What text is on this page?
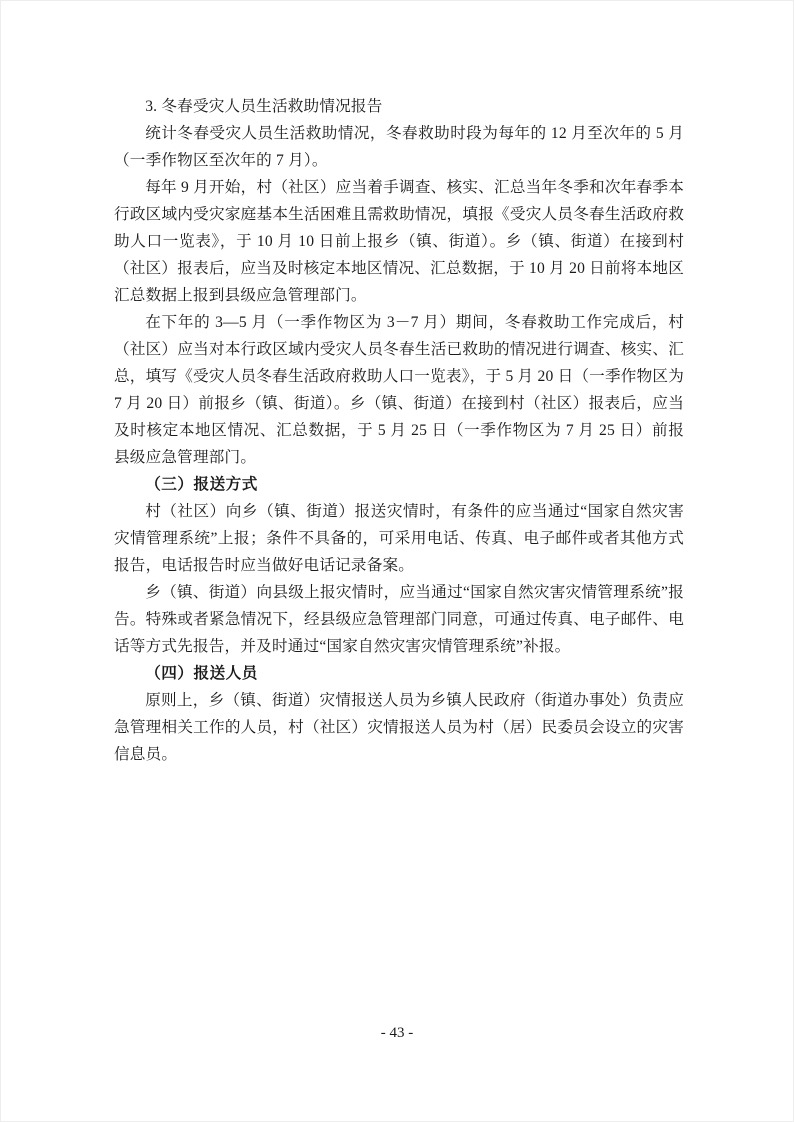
3. 冬春受灾人员生活救助情况报告

统计冬春受灾人员生活救助情况，冬春救助时段为每年的 12 月至次年的 5 月（一季作物区至次年的 7 月）。

每年 9 月开始，村（社区）应当着手调查、核实、汇总当年冬季和次年春季本行政区域内受灾家庭基本生活困难且需救助情况，填报《受灾人员冬春生活政府救助人口一览表》，于 10 月 10 日前上报乡（镇、街道）。乡（镇、街道）在接到村（社区）报表后，应当及时核定本地区情况、汇总数据，于 10 月 20 日前将本地区汇总数据上报到县级应急管理部门。

在下年的 3—5 月（一季作物区为 3－7 月）期间，冬春救助工作完成后，村（社区）应当对本行政区域内受灾人员冬春生活已救助的情况进行调查、核实、汇总，填写《受灾人员冬春生活政府救助人口一览表》，于 5 月 20 日（一季作物区为 7 月 20 日）前报乡（镇、街道）。乡（镇、街道）在接到村（社区）报表后，应当及时核定本地区情况、汇总数据，于 5 月 25 日（一季作物区为 7 月 25 日）前报县级应急管理部门。

（三）报送方式

村（社区）向乡（镇、街道）报送灾情时，有条件的应当通过“国家自然灾害灾情管理系统”上报；条件不具备的，可采用电话、传真、电子邮件或者其他方式报告，电话报告时应当做好电话记录备案。

乡（镇、街道）向县级上报灾情时，应当通过“国家自然灾害灾情管理系统”报告。特殊或者紧急情况下，经县级应急管理部门同意，可通过传真、电子邮件、电话等方式先报告，并及时通过“国家自然灾害灾情管理系统”补报。

（四）报送人员

原则上，乡（镇、街道）灾情报送人员为乡镇人民政府（街道办事处）负责应急管理相关工作的人员，村（社区）灾情报送人员为村（居）民委员会设立的灾害信息员。

- 43 -
